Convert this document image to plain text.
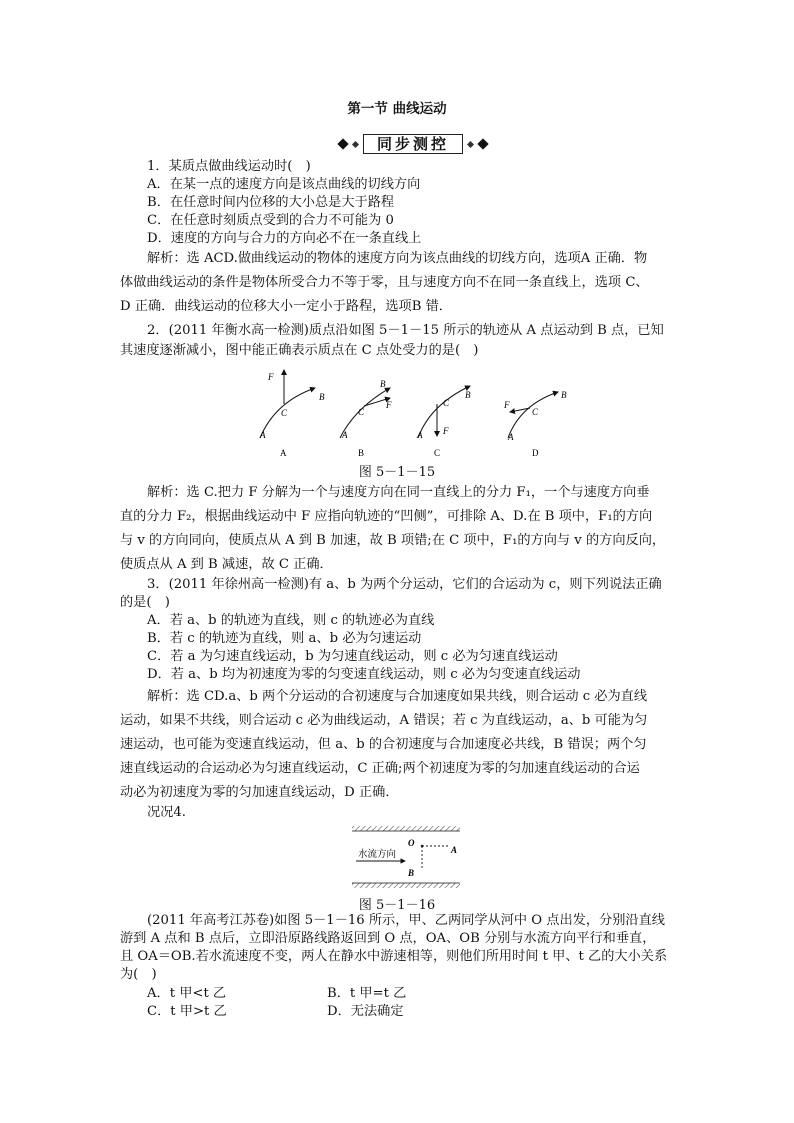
第一节 曲线运动
同步测控
1．某质点做曲线运动时(　)
A．在某一点的速度方向是该点曲线的切线方向
B．在任意时间内位移的大小总是大于路程
C．在任意时刻质点受到的合力不可能为 0
D．速度的方向与合力的方向必不在一条直线上
解析：选 ACD.做曲线运动的物体的速度方向为该点曲线的切线方向，选项A 正确．物
体做曲线运动的条件是物体所受合力不等于零，且与速度方向不在同一条直线上，选项 C、
D 正确．曲线运动的位移大小一定小于路程，选项B 错．
2．(2011 年衡水高一检测)质点沿如图 5－1－15 所示的轨迹从 A 点运动到 B 点，已知
其速度逐渐减小，图中能正确表示质点在 C 点处受力的是(　)
F
C
B
A
A
B
F
C
A
B
B
C
F
A
C
F
C
B
A
D
图 5－1－15
解析：选 C.把力 F 分解为一个与速度方向在同一直线上的分力 F₁，一个与速度方向垂
直的分力 F₂，根据曲线运动中 F 应指向轨迹的“凹侧”，可排除 A、D.在 B 项中，F₁的方向
与 v 的方向同向，使质点从 A 到 B 加速，故 B 项错;在 C 项中，F₁的方向与 v 的方向反向，
使质点从 A 到 B 减速，故 C 正确．
3．(2011 年徐州高一检测)有 a、b 为两个分运动，它们的合运动为 c，则下列说法正确
的是(　)
A．若 a、b 的轨迹为直线，则 c 的轨迹必为直线
B．若 c 的轨迹为直线，则 a、b 必为匀速运动
C．若 a 为匀速直线运动，b 为匀速直线运动，则 c 必为匀速直线运动
D．若 a、b 均为初速度为零的匀变速直线运动，则 c 必为匀变速直线运动
解析：选 CD.a、b 两个分运动的合初速度与合加速度如果共线，则合运动 c 必为直线
运动，如果不共线，则合运动 c 必为曲线运动，A 错误；若 c 为直线运动，a、b 可能为匀
速运动，也可能为变速直线运动，但 a、b 的合初速度与合加速度必共线，B 错误；两个匀
速直线运动的合运动必为匀速直线运动，C 正确;两个初速度为零的匀加速直线运动的合运
动必为初速度为零的匀加速直线运动，D 正确．
况况4.
水流方向
O
A
B
图 5－1－16
(2011 年高考江苏卷)如图 5－1－16 所示，甲、乙两同学从河中 O 点出发，分别沿直线
游到 A 点和 B 点后，立即沿原路线路返回到 O 点，OA、OB 分别与水流方向平行和垂直，
且 OA＝OB.若水流速度不变，两人在静水中游速相等，则他们所用时间 t 甲、t 乙的大小关系
为(　)
A．t 甲<t 乙	B．t 甲=t 乙
C．t 甲>t 乙	D．无法确定
